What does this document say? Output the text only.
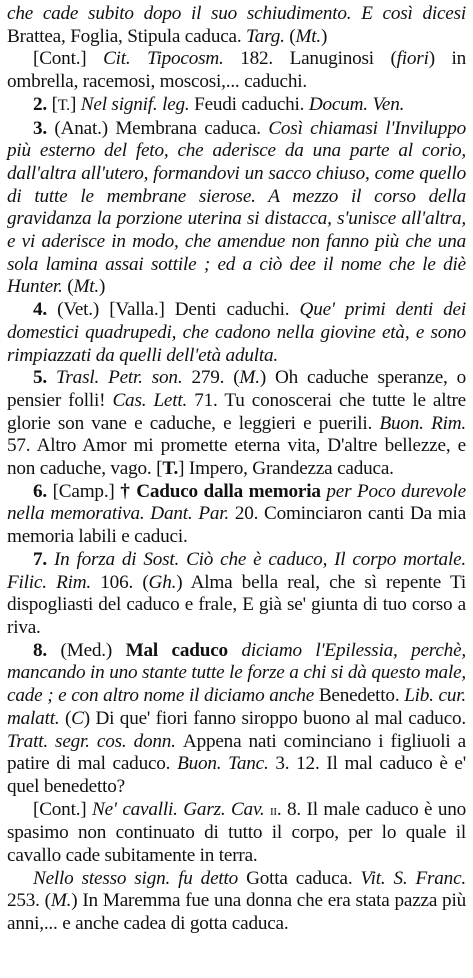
che cade subito dopo il suo schiudimento. E così dicesi Brattea, Foglia, Stipula caduca. Targ. (Mt.)

[Cont.] Cit. Tipocosm. 182. Lanuginosi (fiori) in ombrella, racemosi, moscosi,... caduchi.

2. [T.] Nel signif. leg. Feudi caduchi. Docum. Ven.

3. (Anat.) Membrana caduca. Così chiamasi l'Inviluppo più esterno del feto, che aderisce da una parte al corio, dall'altra all'utero, formandovi un sacco chiuso, come quello di tutte le membrane sierose. A mezzo il corso della gravidanza la porzione uterina si distacca, s'unisce all'altra, e vi aderisce in modo, che amendue non fanno più che una sola lamina assai sottile ; ed a ciò dee il nome che le diè Hunter. (Mt.)

4. (Vet.) [Valla.] Denti caduchi. Que' primi denti dei domestici quadrupedi, che cadono nella giovine età, e sono rimpiazzati da quelli dell'età adulta.

5. Trasl. Petr. son. 279. (M.) Oh caduche speranze, o pensier folli! Cas. Lett. 71. Tu conoscerai che tutte le altre glorie son vane e caduche, e leggieri e puerili. Buon. Rim. 57. Altro Amor mi promette eterna vita, D'altre bellezze, e non caduche, vago. [T.] Impero, Grandezza caduca.

6. [Camp.] † Caduco dalla memoria per Poco durevole nella memorativa. Dant. Par. 20. Cominciaron canti Da mia memoria labili e caduci.

7. In forza di Sost. Ciò che è caduco, Il corpo mortale. Filic. Rim. 106. (Gh.) Alma bella real, che sì repente Ti dispogliasti del caduco e frale, E già se' giunta di tuo corso a riva.

8. (Med.) Mal caduco diciamo l'Epilessia, perchè, mancando in uno stante tutte le forze a chi si dà questo male, cade ; e con altro nome il diciamo anche Benedetto. Lib. cur. malatt. (C) Di que' fiori fanno siroppo buono al mal caduco. Tratt. segr. cos. donn. Appena nati cominciano i figliuoli a patire di mal caduco. Buon. Tanc. 3. 12. Il mal caduco è e' quel benedetto?

[Cont.] Ne' cavalli. Garz. Cav. ii. 8. Il male caduco è uno spasimo non continuato di tutto il corpo, per lo quale il cavallo cade subitamente in terra.

Nello stesso sign. fu detto Gotta caduca. Vit. S. Franc. 253. (M.) In Maremma fue una donna che era stata pazza più anni,... e anche cadea di gotta caduca.
